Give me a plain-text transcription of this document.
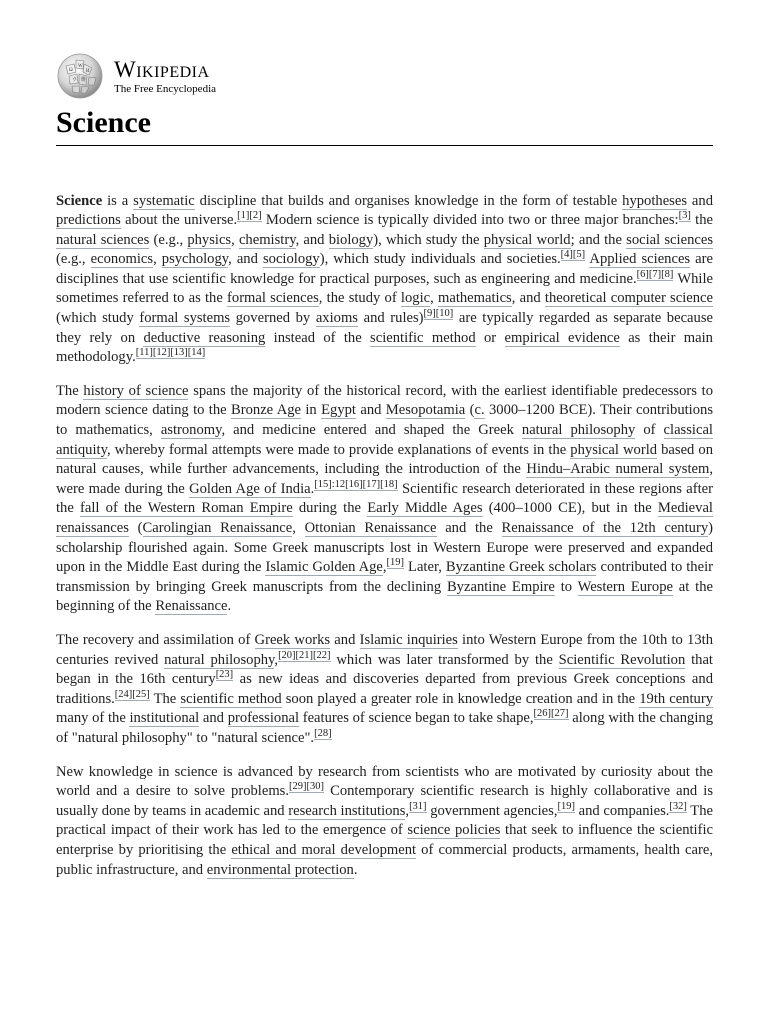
Ω
W
И
ウ 维 Wikipedia
The Free Encyclopedia
Science

Science is a systematic discipline that builds and organises knowledge in the form of testable hypotheses and predictions about the universe.[1][2] Modern science is typically divided into two or three major branches:[3] the natural sciences (e.g., physics, chemistry, and biology), which study the physical world; and the social sciences (e.g., economics, psychology, and sociology), which study individuals and societies.[4][5] Applied sciences are disciplines that use scientific knowledge for practical purposes, such as engineering and medicine.[6][7][8] While sometimes referred to as the formal sciences, the study of logic, mathematics, and theoretical computer science (which study formal systems governed by axioms and rules)[9][10] are typically regarded as separate because they rely on deductive reasoning instead of the scientific method or empirical evidence as their main methodology.[11][12][13][14]

The history of science spans the majority of the historical record, with the earliest identifiable predecessors to modern science dating to the Bronze Age in Egypt and Mesopotamia (c. 3000–1200 BCE). Their contributions to mathematics, astronomy, and medicine entered and shaped the Greek natural philosophy of classical antiquity, whereby formal attempts were made to provide explanations of events in the physical world based on natural causes, while further advancements, including the introduction of the Hindu–Arabic numeral system, were made during the Golden Age of India.[15]:12[16][17][18] Scientific research deteriorated in these regions after the fall of the Western Roman Empire during the Early Middle Ages (400–1000 CE), but in the Medieval renaissances (Carolingian Renaissance, Ottonian Renaissance and the Renaissance of the 12th century) scholarship flourished again. Some Greek manuscripts lost in Western Europe were preserved and expanded upon in the Middle East during the Islamic Golden Age,[19] Later, Byzantine Greek scholars contributed to their transmission by bringing Greek manuscripts from the declining Byzantine Empire to Western Europe at the beginning of the Renaissance.

The recovery and assimilation of Greek works and Islamic inquiries into Western Europe from the 10th to 13th centuries revived natural philosophy,[20][21][22] which was later transformed by the Scientific Revolution that began in the 16th century[23] as new ideas and discoveries departed from previous Greek conceptions and traditions.[24][25] The scientific method soon played a greater role in knowledge creation and in the 19th century many of the institutional and professional features of science began to take shape,[26][27] along with the changing of "natural philosophy" to "natural science".[28]

New knowledge in science is advanced by research from scientists who are motivated by curiosity about the world and a desire to solve problems.[29][30] Contemporary scientific research is highly collaborative and is usually done by teams in academic and research institutions,[31] government agencies,[19] and companies.[32] The practical impact of their work has led to the emergence of science policies that seek to influence the scientific enterprise by prioritising the ethical and moral development of commercial products, armaments, health care, public infrastructure, and environmental protection.
